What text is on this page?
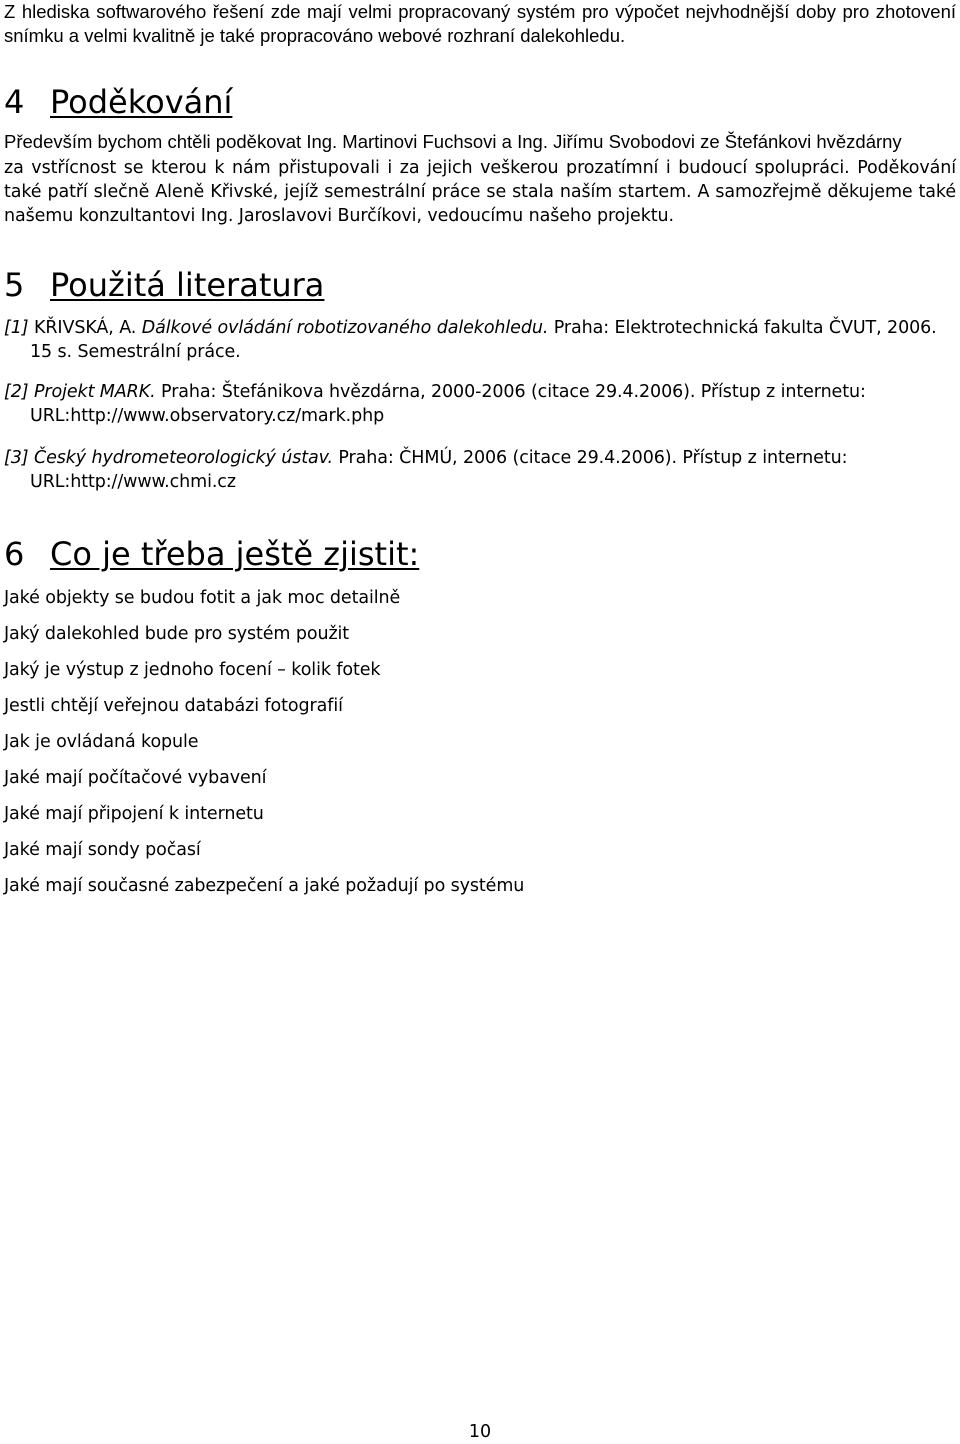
Z hlediska softwarového řešení zde mají velmi propracovaný systém pro výpočet nejvhodnější doby pro zhotovení snímku a velmi kvalitně je také propracováno webové rozhraní dalekohledu.
4 Poděkování
Především bychom chtěli poděkovat Ing. Martinovi Fuchsovi a Ing. Jiřímu Svobodovi ze Štefánkovi hvězdárny
za vstřícnost se kterou k nám přistupovali i za jejich veškerou prozatímní i budoucí spolupráci. Poděkování také patří slečně Aleně Křivské, jejíž semestrální práce se stala naším startem. A samozřejmě děkujeme také našemu konzultantovi Ing. Jaroslavovi Burčíkovi, vedoucímu našeho projektu.
5 Použitá literatura
[1] KŘIVSKÁ, A. Dálkové ovládání robotizovaného dalekohledu. Praha: Elektrotechnická fakulta ČVUT, 2006.
15 s. Semestrální práce.
[2] Projekt MARK. Praha: Štefánikova hvězdárna, 2000-2006 (citace 29.4.2006). Přístup z internetu:
URL:http://www.observatory.cz/mark.php
[3] Český hydrometeorologický ústav. Praha: ČHMÚ, 2006 (citace 29.4.2006). Přístup z internetu:
URL:http://www.chmi.cz
6 Co je třeba ještě zjistit:
Jaké objekty se budou fotit a jak moc detailně
Jaký dalekohled bude pro systém použit
Jaký je výstup z jednoho focení – kolik fotek
Jestli chtějí veřejnou databázi fotografií
Jak je ovládaná kopule
Jaké mají počítačové vybavení
Jaké mají připojení k internetu
Jaké mají sondy počasí
Jaké mají současné zabezpečení a jaké požadují po systému
10
